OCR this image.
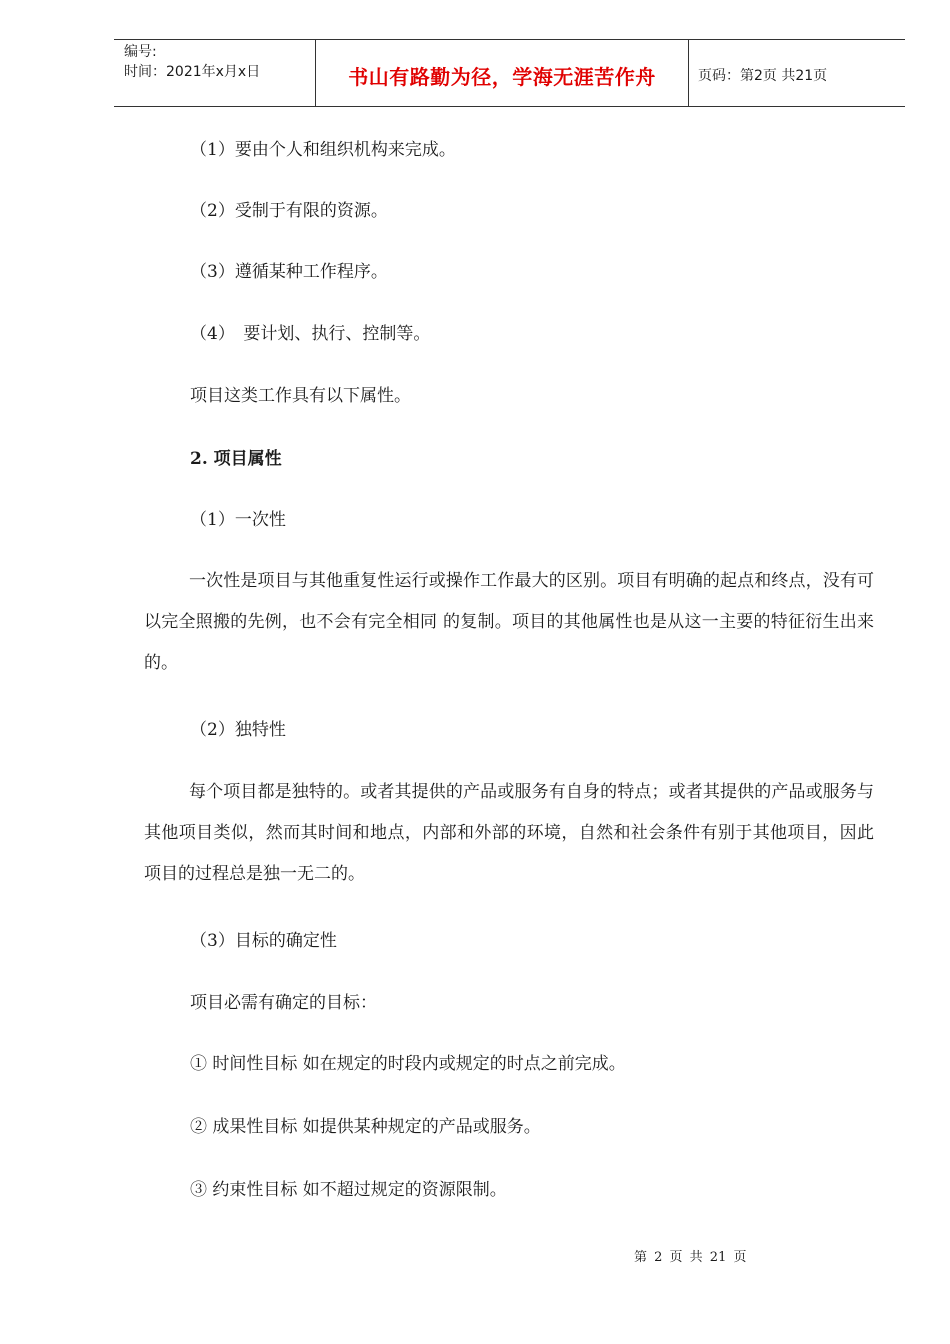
编号:
时间：2021年x月x日	书山有路勤为径，学海无涯苦作舟	页码：第2页 共21页
（1）要由个人和组织机构来完成。
（2）受制于有限的资源。
（3）遵循某种工作程序。
（4）　要计划、执行、控制等。
项目这类工作具有以下属性。
2. 项目属性
（1）一次性
一次性是项目与其他重复性运行或操作工作最大的区别。项目有明确的起点和终点，没有可以完全照搬的先例，也不会有完全相同 的复制。项目的其他属性也是从这一主要的特征衍生出来的。
（2）独特性
每个项目都是独特的。或者其提供的产品或服务有自身的特点；或者其提供的产品或服务与其他项目类似，然而其时间和地点，内部和外部的环境，自然和社会条件有别于其他项目，因此项目的过程总是独一无二的。
（3）目标的确定性
项目必需有确定的目标：
① 时间性目标 如在规定的时段内或规定的时点之前完成。
② 成果性目标 如提供某种规定的产品或服务。
③ 约束性目标 如不超过规定的资源限制。
第 2 页 共 21 页
